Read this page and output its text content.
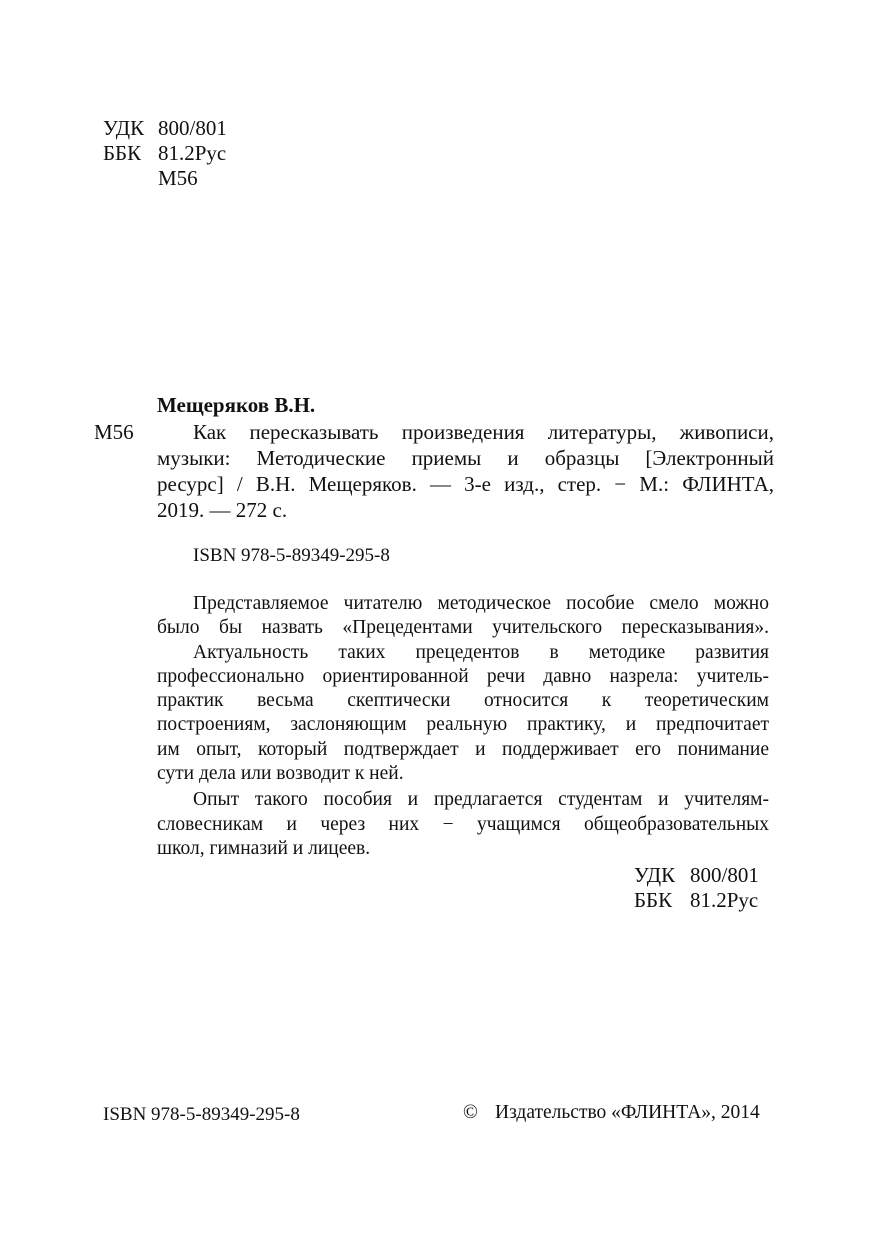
УДК 800/801
ББК 81.2Рус
М56
Мещеряков В.Н.
М56	Как пересказывать произведения литературы, живописи,
музыки: Методические приемы и образцы [Электронный
ресурс] / В.Н. Мещеряков. — 3-е изд., стер. − М.: ФЛИНТА,
2019. — 272 с.
ISBN 978-5-89349-295-8
Представляемое читателю методическое пособие смело можно
было бы назвать «Прецедентами учительского пересказывания».
Актуальность таких прецедентов в методике развития
профессионально ориентированной речи давно назрела: учитель-
практик весьма скептически относится к теоретическим
построениям, заслоняющим реальную практику, и предпочитает
им опыт, который подтверждает и поддерживает его понимание
сути дела или возводит к ней.
Опыт такого пособия и предлагается студентам и учителям-
словесникам и через них − учащимся общеобразовательных
школ, гимназий и лицеев.
УДК 800/801
ББК 81.2Рус
ISBN 978-5-89349-295-8	© Издательство «ФЛИНТА», 2014
